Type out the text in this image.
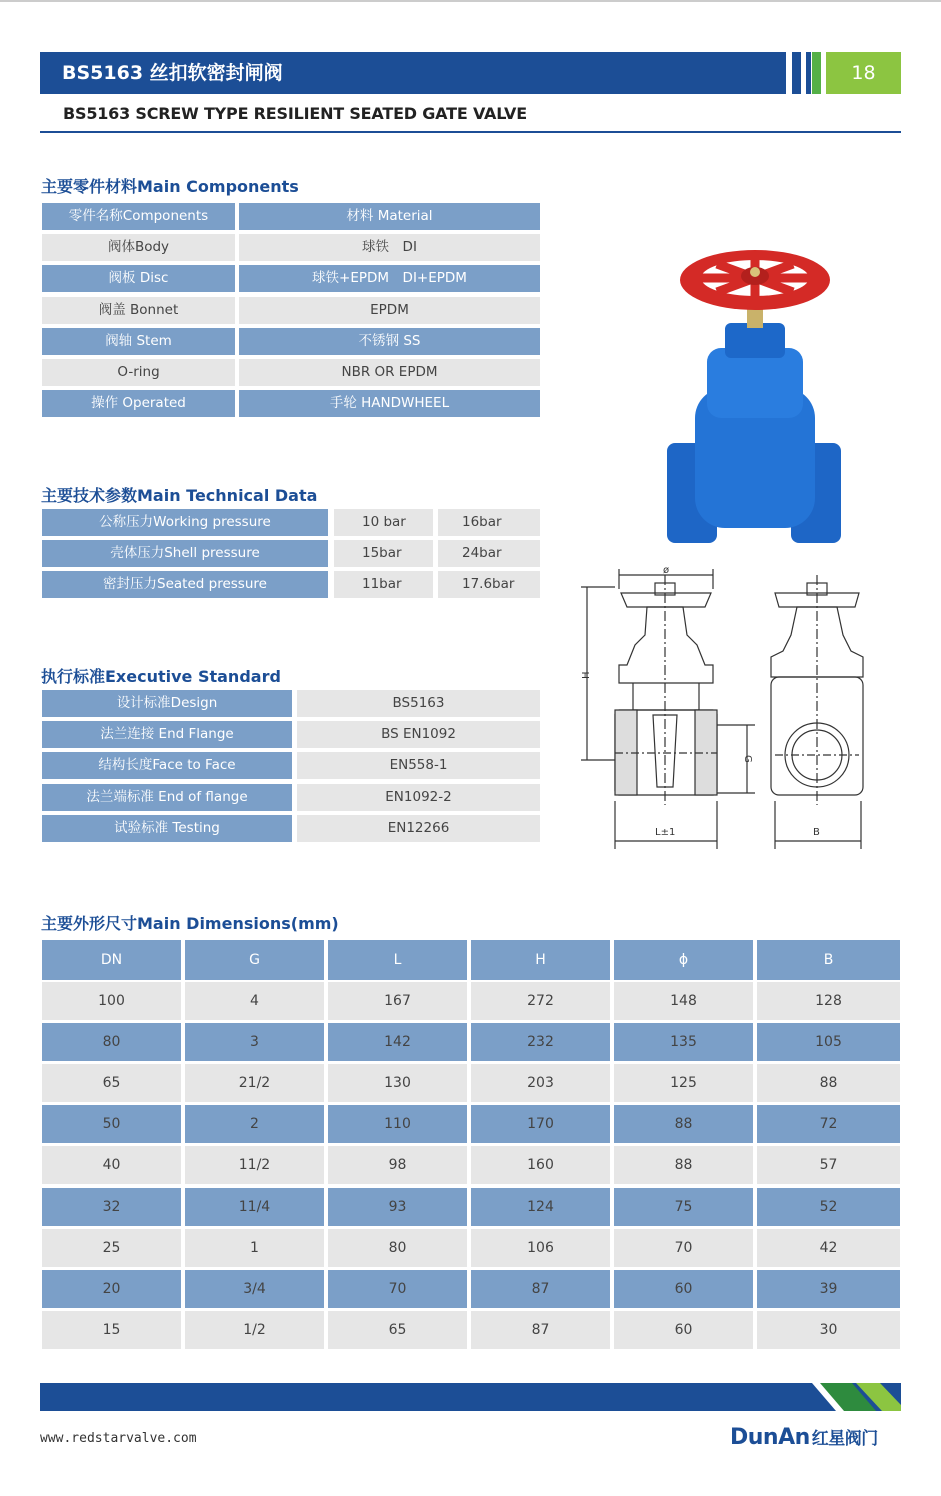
BS5163 丝扣软密封闸阀	18
BS5163 SCREW TYPE RESILIENT SEATED GATE VALVE
主要零件材料Main Components
零件名称Components	材料 Material
阀体Body	球铁　DI
阀板 Disc	球铁+EPDM　DI+EPDM
阀盖 Bonnet	EPDM
阀轴 Stem	不锈钢 SS
O-ring	NBR OR EPDM
操作 Operated	手轮 HANDWHEEL
主要技术参数Main Technical Data
公称压力Working pressure	10 bar	16bar
壳体压力Shell pressure	15bar	24bar
密封压力Seated pressure	11bar	17.6bar
执行标准Executive Standard
设计标准Design	BS5163
法兰连接 End Flange	BS EN1092
结构长度Face to Face	EN558-1
法兰端标准 End of flange	EN1092-2
试验标准 Testing	EN12266
ø
H
G
L±1	B
主要外形尺寸Main Dimensions(mm)
DN	G	L	H	ϕ	B
100	4	167	272	148	128
80	3	142	232	135	105
65	21/2	130	203	125	88
50	2	110	170	88	72
40	11/2	98	160	88	57
32	11/4	93	124	75	52
25	1	80	106	70	42
20	3/4	70	87	60	39
15	1/2	65	87	60	30
www.redstarvalve.com	DunAn 红星阀门
